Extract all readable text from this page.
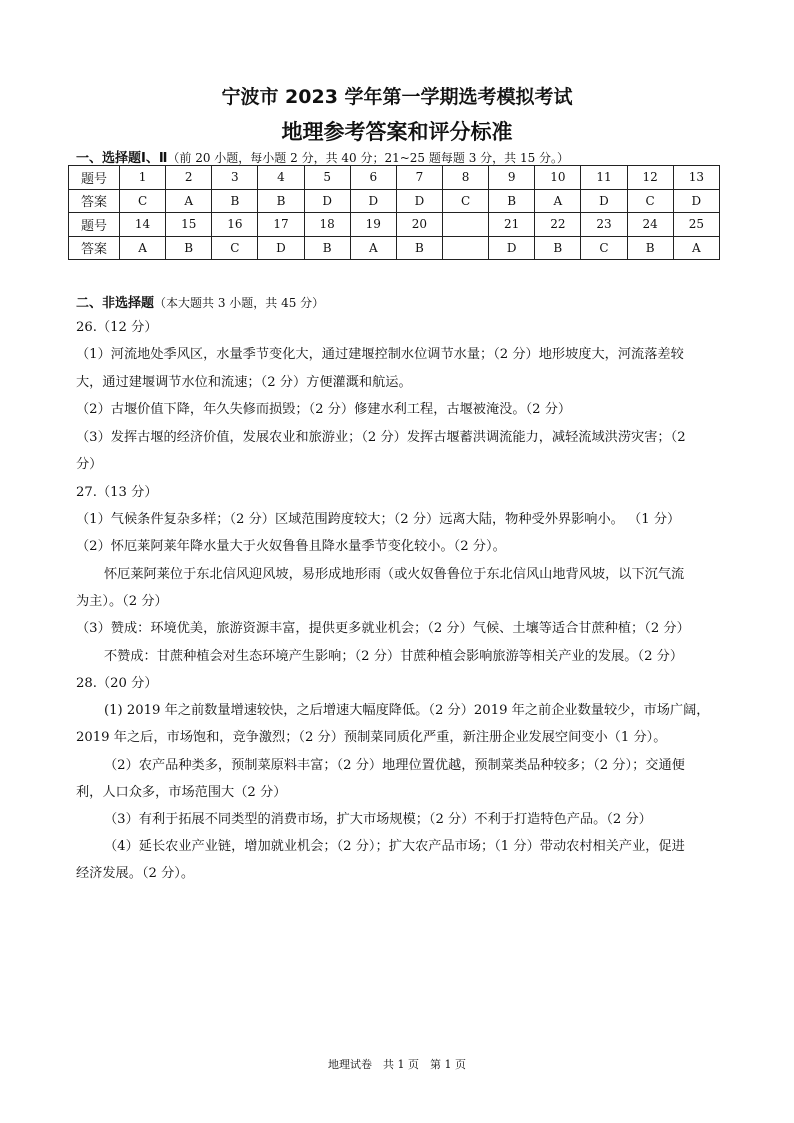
宁波市 2023 学年第一学期选考模拟考试
地理参考答案和评分标准
一、选择题Ⅰ、Ⅱ（前 20 小题，每小题 2 分，共 40 分；21~25 题每题 3 分，共 15 分。）
题号	1	2	3	4	5	6	7	8	9	10	11	12	13
答案	C	A	B	B	D	D	D	C	B	A	D	C	D
题号	14	15	16	17	18	19	20		21	22	23	24	25
答案	A	B	C	D	B	A	B		D	B	C	B	A
二、非选择题（本大题共 3 小题，共 45 分）
26.（12 分）
（1）河流地处季风区，水量季节变化大，通过建堰控制水位调节水量；（2 分）地形坡度大，河流落差较
大，通过建堰调节水位和流速；（2 分）方便灌溉和航运。
（2）古堰价值下降，年久失修而损毁；（2 分）修建水利工程，古堰被淹没。（2 分）
（3）发挥古堰的经济价值，发展农业和旅游业；（2 分）发挥古堰蓄洪调流能力，减轻流域洪涝灾害；（2
分）
27.（13 分）
（1）气候条件复杂多样；（2 分）区域范围跨度较大；（2 分）远离大陆，物种受外界影响小。 （1 分）
（2）怀厄莱阿莱年降水量大于火奴鲁鲁且降水量季节变化较小。（2 分）。
怀厄莱阿莱位于东北信风迎风坡，易形成地形雨（或火奴鲁鲁位于东北信风山地背风坡，以下沉气流
为主）。（2 分）
（3）赞成：环境优美，旅游资源丰富，提供更多就业机会；（2 分）气候、土壤等适合甘蔗种植；（2 分）
不赞成：甘蔗种植会对生态环境产生影响；（2 分）甘蔗种植会影响旅游等相关产业的发展。（2 分）
28.（20 分）
(1) 2019 年之前数量增速较快，之后增速大幅度降低。（2 分）2019 年之前企业数量较少，市场广阔，
2019 年之后，市场饱和，竞争激烈；（2 分）预制菜同质化严重，新注册企业发展空间变小（1 分）。
（2）农产品种类多，预制菜原料丰富；（2 分）地理位置优越，预制菜类品种较多；（2 分）；交通便
利，人口众多，市场范围大（2 分）
（3）有利于拓展不同类型的消费市场，扩大市场规模；（2 分）不利于打造特色产品。（2 分）
（4）延长农业产业链，增加就业机会；（2 分）；扩大农产品市场；（1 分）带动农村相关产业，促进
经济发展。（2 分）。
地理试卷　共 1 页　第 1 页
